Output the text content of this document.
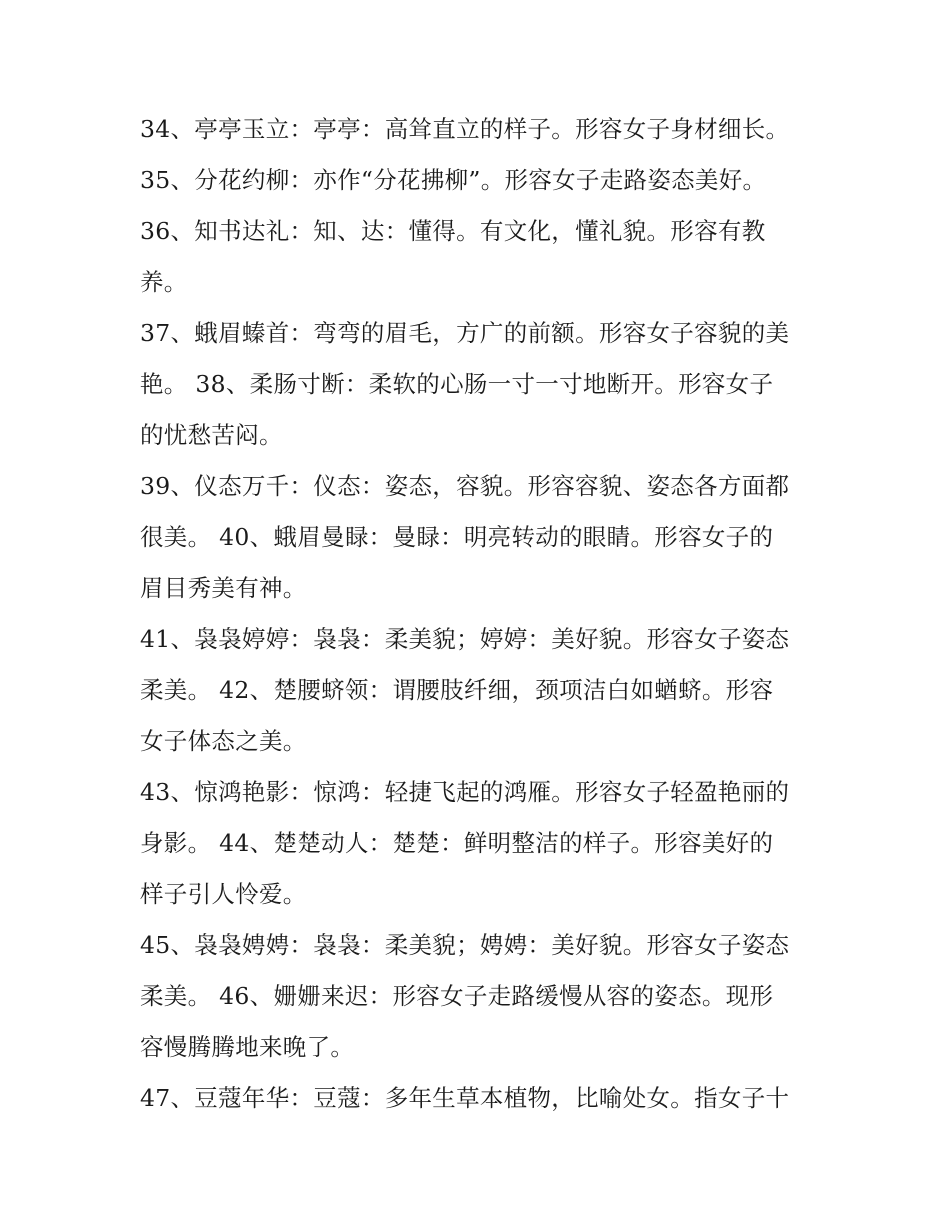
34、亭亭玉立：亭亭：高耸直立的样子。形容女子身材细长。
35、分花约柳：亦作“分花拂柳”。形容女子走路姿态美好。
36、知书达礼：知、达：懂得。有文化，懂礼貌。形容有教
养。
37、蛾眉螓首：弯弯的眉毛，方广的前额。形容女子容貌的美
艳。 38、柔肠寸断：柔软的心肠一寸一寸地断开。形容女子
的忧愁苦闷。
39、仪态万千：仪态：姿态，容貌。形容容貌、姿态各方面都
很美。 40、蛾眉曼睩：曼睩：明亮转动的眼睛。形容女子的
眉目秀美有神。
41、袅袅婷婷：袅袅：柔美貌；婷婷：美好貌。形容女子姿态
柔美。 42、楚腰蛴领：谓腰肢纤细，颈项洁白如蝤蛴。形容
女子体态之美。
43、惊鸿艳影：惊鸿：轻捷飞起的鸿雁。形容女子轻盈艳丽的
身影。 44、楚楚动人：楚楚：鲜明整洁的样子。形容美好的
样子引人怜爱。
45、袅袅娉娉：袅袅：柔美貌；娉娉：美好貌。形容女子姿态
柔美。 46、姗姗来迟：形容女子走路缓慢从容的姿态。现形
容慢腾腾地来晚了。
47、豆蔻年华：豆蔻：多年生草本植物，比喻处女。指女子十
